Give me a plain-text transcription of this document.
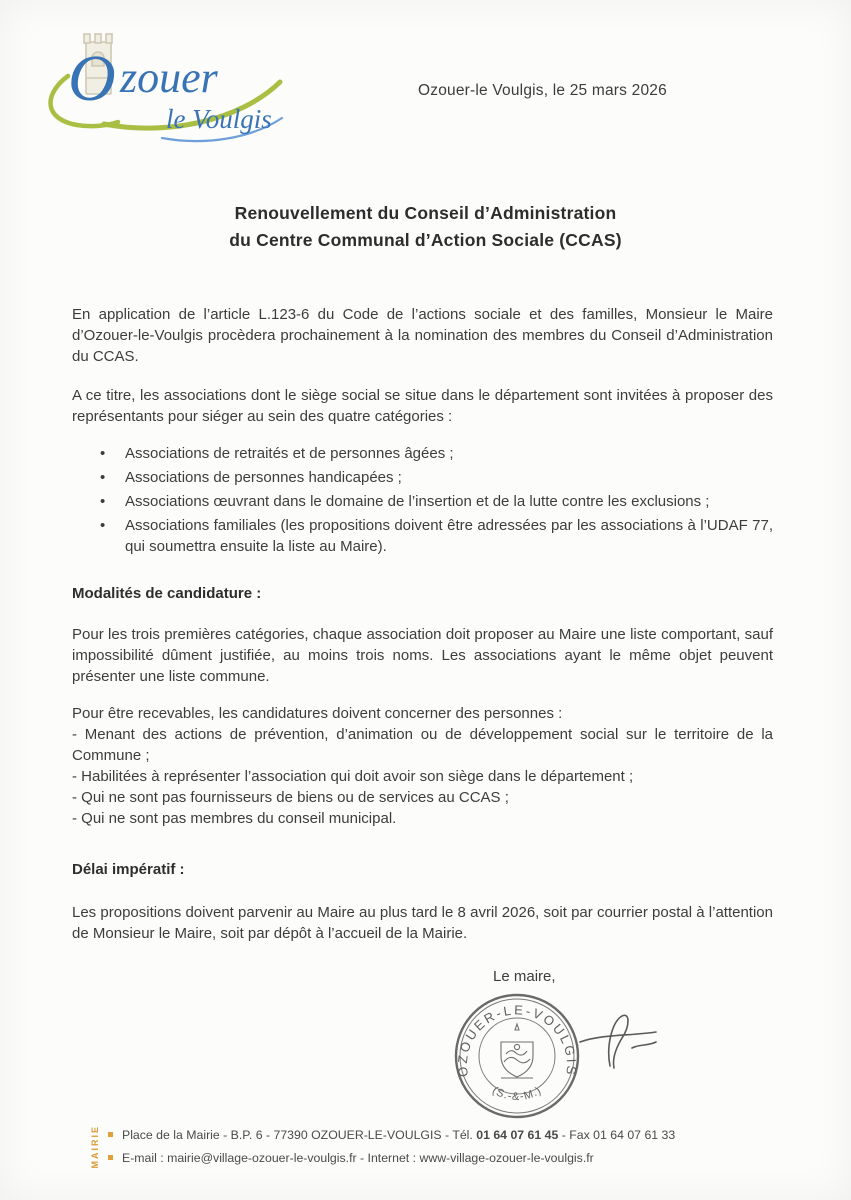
O zouer
le Voulgis
Ozouer-le Voulgis, le 25 mars 2026
Renouvellement du Conseil d’Administration
du Centre Communal d’Action Sociale (CCAS)

En application de l’article L.123-6 du Code de l’actions sociale et des familles, Monsieur le Maire d’Ozouer-le-Voulgis procèdera prochainement à la nomination des membres du Conseil d’Administration du CCAS.

A ce titre, les associations dont le siège social se situe dans le département sont invitées à proposer des représentants pour siéger au sein des quatre catégories :

•	Associations de retraités et de personnes âgées ;
•	Associations de personnes handicapées ;
•	Associations œuvrant dans le domaine de l’insertion et de la lutte contre les exclusions ;
•	Associations familiales (les propositions doivent être adressées par les associations à l’UDAF 77, qui soumettra ensuite la liste au Maire).
Modalités de candidature :

Pour les trois premières catégories, chaque association doit proposer au Maire une liste comportant, sauf impossibilité dûment justifiée, au moins trois noms. Les associations ayant le même objet peuvent présenter une liste commune.

Pour être recevables, les candidatures doivent concerner des personnes :

- Menant des actions de prévention, d’animation ou de développement social sur le territoire de la Commune ;

- Habilitées à représenter l’association qui doit avoir son siège dans le département ;

- Qui ne sont pas fournisseurs de biens ou de services au CCAS ;

- Qui ne sont pas membres du conseil municipal.

Délai impératif :

Les propositions doivent parvenir au Maire au plus tard le 8 avril 2026, soit par courrier postal à l’attention de Monsieur le Maire, soit par dépôt à l’accueil de la Mairie.

Le maire,
OZOUER-LE-VOULGIS
(S.-&-M.)
MAIRIE	Place de la Mairie - B.P. 6 - 77390 OZOUER-LE-VOULGIS - Tél. 01 64 07 61 45 - Fax 01 64 07 61 33
E-mail : mairie@village-ozouer-le-voulgis.fr - Internet : www-village-ozouer-le-voulgis.fr
